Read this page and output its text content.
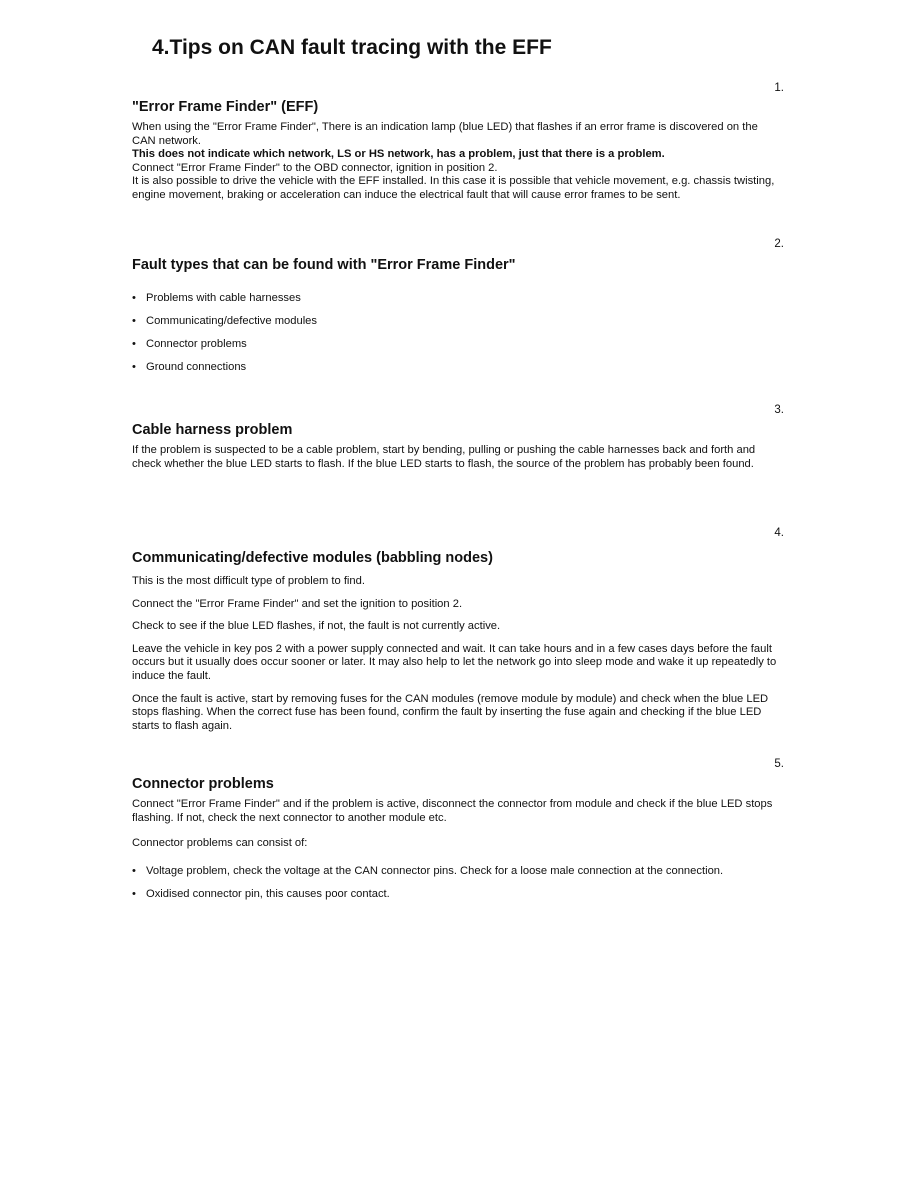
4.Tips on CAN fault tracing with the EFF
1.
"Error Frame Finder" (EFF)

When using the "Error Frame Finder", There is an indication lamp (blue LED) that flashes if an error frame is discovered on the CAN network.

This does not indicate which network, LS or HS network, has a problem, just that there is a problem.

Connect "Error Frame Finder" to the OBD connector, ignition in position 2.

It is also possible to drive the vehicle with the EFF installed. In this case it is possible that vehicle movement, e.g. chassis twisting, engine movement, braking or acceleration can induce the electrical fault that will cause error frames to be sent.

2.
Fault types that can be found with "Error Frame Finder"
• Problems with cable harnesses
• Communicating/defective modules
• Connector problems
• Ground connections
3.
Cable harness problem

If the problem is suspected to be a cable problem, start by bending, pulling or pushing the cable harnesses back and forth and check whether the blue LED starts to flash. If the blue LED starts to flash, the source of the problem has probably been found.

4.
Communicating/defective modules (babbling nodes)

This is the most difficult type of problem to find.

Connect the "Error Frame Finder" and set the ignition to position 2.

Check to see if the blue LED flashes, if not, the fault is not currently active.

Leave the vehicle in key pos 2 with a power supply connected and wait. It can take hours and in a few cases days before the fault occurs but it usually does occur sooner or later. It may also help to let the network go into sleep mode and wake it up repeatedly to induce the fault.

Once the fault is active, start by removing fuses for the CAN modules (remove module by module) and check when the blue LED stops flashing. When the correct fuse has been found, confirm the fault by inserting the fuse again and checking if the blue LED starts to flash again.

5.
Connector problems

Connect "Error Frame Finder" and if the problem is active, disconnect the connector from module and check if the blue LED stops flashing. If not, check the next connector to another module etc.

Connector problems can consist of:

• Voltage problem, check the voltage at the CAN connector pins. Check for a loose male connection at the connection.
• Oxidised connector pin, this causes poor contact.
